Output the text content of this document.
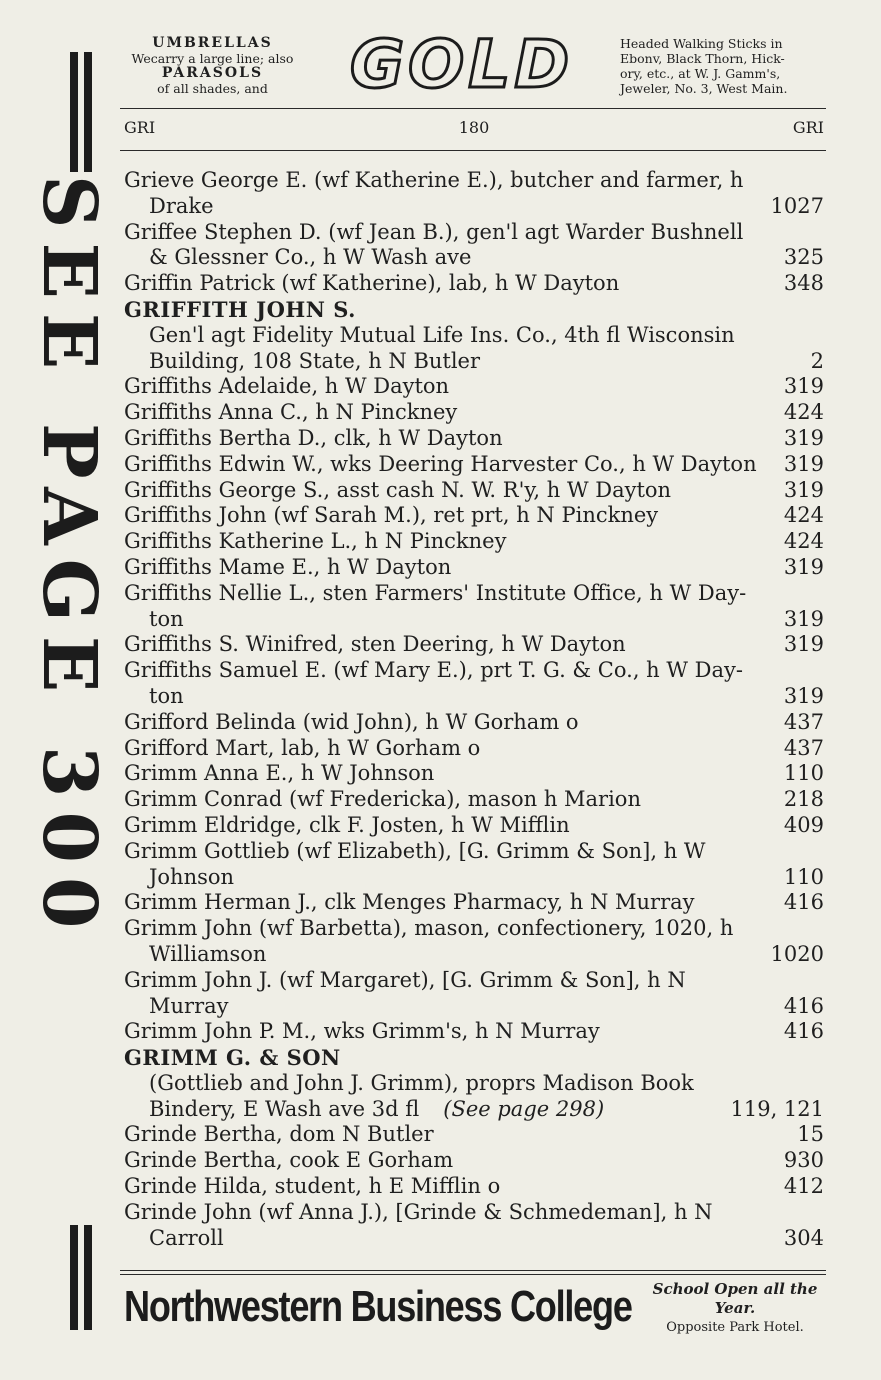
SEE PAGE 300
UMBRELLAS
Wecarry a large line; also
PARASOLS
of all shades, and	GOLD	Headed Walking Sticks in
Ebonv, Black Thorn, Hick-
ory, etc., at W. J. Gamm's,
Jeweler, No. 3, West Main.
GRI	180	GRI
Grieve George E. (wf Katherine E.), butcher and farmer, h
Drake	1027
Griffee Stephen D. (wf Jean B.), gen'l agt Warder Bushnell
& Glessner Co., h W Wash ave	325
Griffin Patrick (wf Katherine), lab, h W Dayton	348
GRIFFITH JOHN S.
Gen'l agt Fidelity Mutual Life Ins. Co., 4th fl Wisconsin
Building, 108 State, h N Butler	2
Griffiths Adelaide, h W Dayton	319
Griffiths Anna C., h N Pinckney	424
Griffiths Bertha D., clk, h W Dayton	319
Griffiths Edwin W., wks Deering Harvester Co., h W Dayton	319
Griffiths George S., asst cash N. W. R'y, h W Dayton	319
Griffiths John (wf Sarah M.), ret prt, h N Pinckney	424
Griffiths Katherine L., h N Pinckney	424
Griffiths Mame E., h W Dayton	319
Griffiths Nellie L., sten Farmers' Institute Office, h W Day-
ton	319
Griffiths S. Winifred, sten Deering, h W Dayton	319
Griffiths Samuel E. (wf Mary E.), prt T. G. & Co., h W Day-
ton	319
Grifford Belinda (wid John), h W Gorham o	437
Grifford Mart, lab, h W Gorham o	437
Grimm Anna E., h W Johnson	110
Grimm Conrad (wf Fredericka), mason h Marion	218
Grimm Eldridge, clk F. Josten, h W Mifflin	409
Grimm Gottlieb (wf Elizabeth), [G. Grimm & Son], h W
Johnson	110
Grimm Herman J., clk Menges Pharmacy, h N Murray	416
Grimm John (wf Barbetta), mason, confectionery, 1020, h
Williamson	1020
Grimm John J. (wf Margaret), [G. Grimm & Son], h N
Murray	416
Grimm John P. M., wks Grimm's, h N Murray	416
GRIMM G. & SON
(Gottlieb and John J. Grimm), proprs Madison Book
Bindery, E Wash ave 3d fl (See page 298)	119, 121
Grinde Bertha, dom N Butler	15
Grinde Bertha, cook E Gorham	930
Grinde Hilda, student, h E Mifflin o	412
Grinde John (wf Anna J.), [Grinde & Schmedeman], h N
Carroll	304
Northwestern Business College	School Open all the
Year.
Opposite Park Hotel.
